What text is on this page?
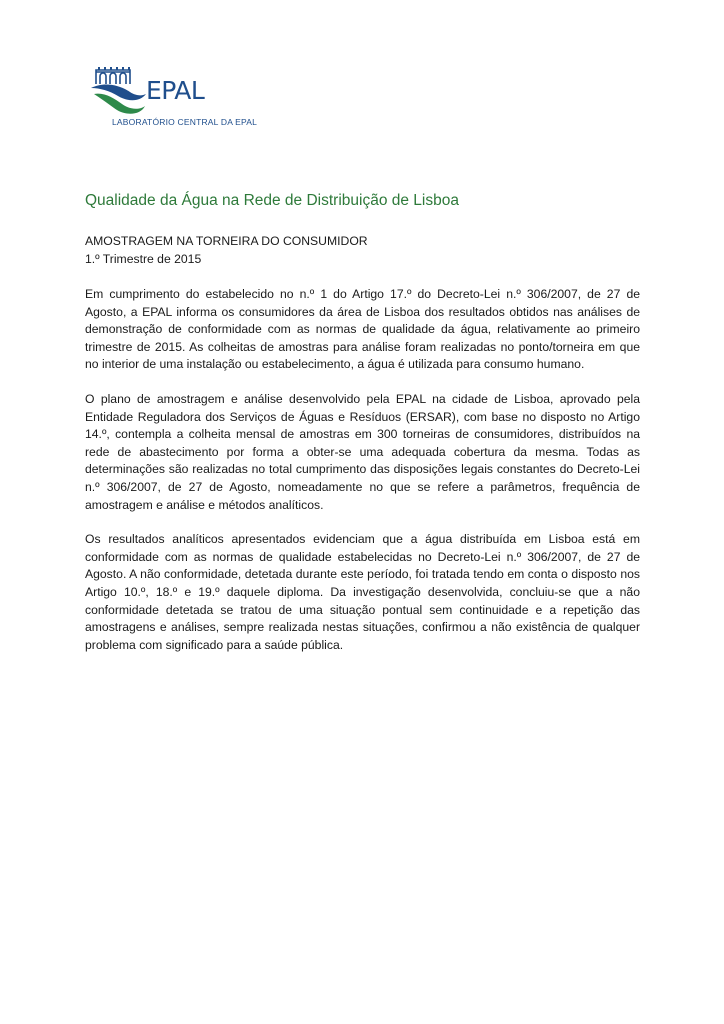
EPAL
LABORATÓRIO CENTRAL DA EPAL
Qualidade da Água na Rede de Distribuição de Lisboa

AMOSTRAGEM NA TORNEIRA DO CONSUMIDOR

1.º Trimestre de 2015

Em cumprimento do estabelecido no n.º 1 do Artigo 17.º do Decreto-Lei n.º 306/2007, de 27 de Agosto, a EPAL informa os consumidores da área de Lisboa dos resultados obtidos nas análises de demonstração de conformidade com as normas de qualidade da água, relativamente ao primeiro trimestre de 2015. As colheitas de amostras para análise foram realizadas no ponto/torneira em que no interior de uma instalação ou estabelecimento, a água é utilizada para consumo humano.

O plano de amostragem e análise desenvolvido pela EPAL na cidade de Lisboa, aprovado pela Entidade Reguladora dos Serviços de Águas e Resíduos (ERSAR), com base no disposto no Artigo 14.º, contempla a colheita mensal de amostras em 300 torneiras de consumidores, distribuídos na rede de abastecimento por forma a obter-se uma adequada cobertura da mesma. Todas as determinações são realizadas no total cumprimento das disposições legais constantes do Decreto-Lei n.º 306/2007, de 27 de Agosto, nomeadamente no que se refere a parâmetros, frequência de amostragem e análise e métodos analíticos.

Os resultados analíticos apresentados evidenciam que a água distribuída em Lisboa está em conformidade com as normas de qualidade estabelecidas no Decreto-Lei n.º 306/2007, de 27 de Agosto. A não conformidade, detetada durante este período, foi tratada tendo em conta o disposto nos Artigo 10.º, 18.º e 19.º daquele diploma. Da investigação desenvolvida, concluiu-se que a não conformidade detetada se tratou de uma situação pontual sem continuidade e a repetição das amostragens e análises, sempre realizada nestas situações, confirmou a não existência de qualquer problema com significado para a saúde pública.
